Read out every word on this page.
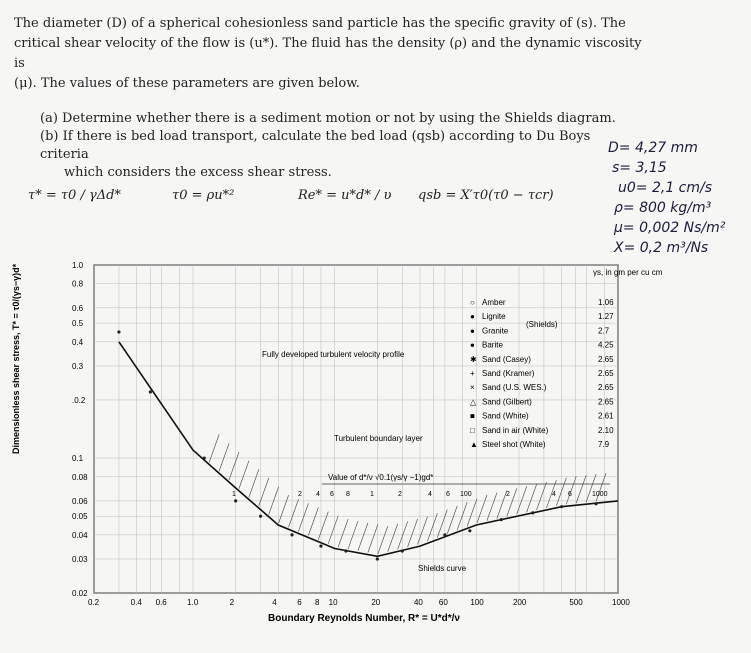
The diameter (D) of a spherical cohesionless sand particle has the specific gravity of (s). The
critical shear velocity of the flow is (u*). The fluid has the density (ρ) and the dynamic viscosity is
(μ). The values of these parameters are given below.

(a) Determine whether there is a sediment motion or not by using the Shields diagram.
(b) If there is bed load transport, calculate the bed load (qsb) according to Du Boys criteria
which considers the excess shear stress.
τ* = τ0 / γΔd*	τ0 = ρu*²	Re* = u*d* / υ qsb = X′τ0(τ0 − τcr)
D= 4,27 mm
s= 3,15
u0= 2,1 cm/s
ρ= 800 kg/m³
μ= 0,002 Ns/m²
X= 0,2 m³/Ns
1.0
0.8
0.6
0.5
0.4
0.3
.0.2
0.1
0.08
0.06
0.05
0.04
0.03
0.02
0.2	0.4 0.6	1.0	2	4	6 8 10	20	40 60	100	200	500	1000
Dimensionless shear stress, T* = τ0/(γs−γ)d*
Boundary Reynolds Number, R* = U*d*/ν
Fully developed turbulent velocity profile
Turbulent boundary layer
Value of d*/ν √0.1(γs/γ −1)gd*
Shields curve
(Shields)
γs, in gm per cu cm
○ Amber	1.06
● Lignite	1.27
● Granite	2.7
● Barite	4.25
✱ Sand (Casey)	2.65
+ Sand (Kramer)	2.65
× Sand (U.S. WES.)	2.65
△ Sand (Gilbert)	2.65
■ Sand (White)	2.61
□ Sand in air (White)	2.10
▲ Steel shot (White)	7.9
1	2 4 6 8	1	2	4 6 100	2	4 6	1000
